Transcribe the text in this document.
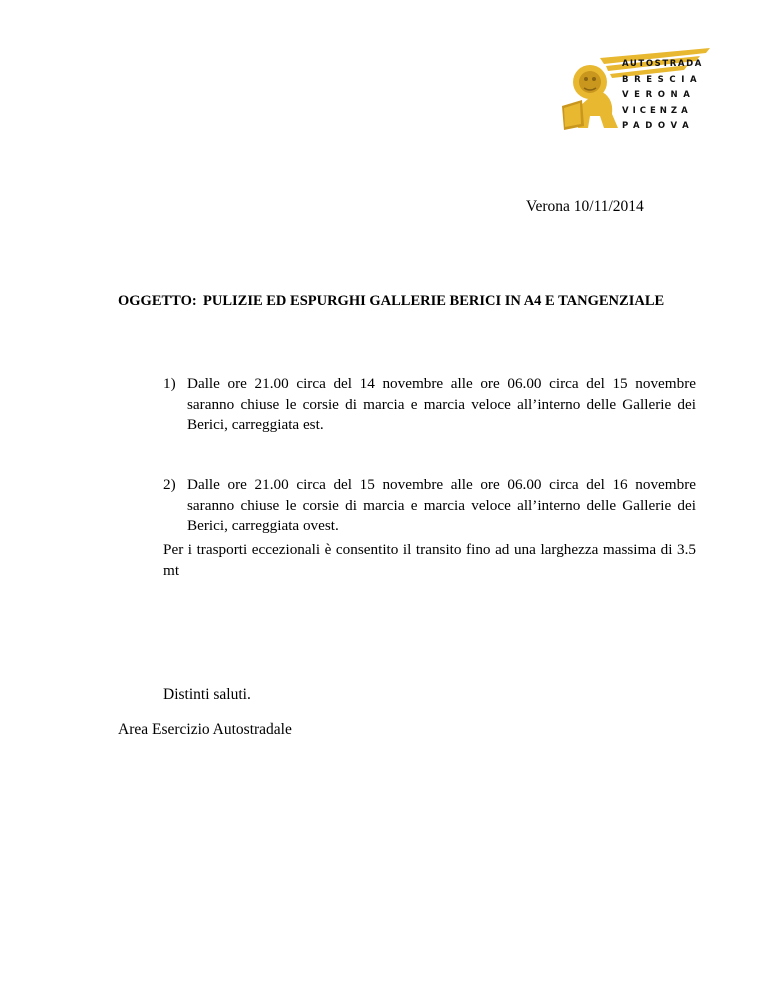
AUTOSTRADA
BRESCIA
VERONA
VICENZA
PADOVA
Verona 10/11/2014
OGGETTO: PULIZIE ED ESPURGHI GALLERIE BERICI IN A4 E TANGENZIALE
1) Dalle ore 21.00 circa del 14 novembre alle ore 06.00 circa del 15 novembre saranno chiuse le corsie di marcia e marcia veloce all’interno delle Gallerie dei Berici, carreggiata est.
2) Dalle ore 21.00 circa del 15 novembre alle ore 06.00 circa del 16 novembre saranno chiuse le corsie di marcia e marcia veloce all’interno delle Gallerie dei Berici, carreggiata ovest.
Per i trasporti eccezionali è consentito il transito fino ad una larghezza massima di 3.5 mt
Distinti saluti.
Area Esercizio Autostradale
